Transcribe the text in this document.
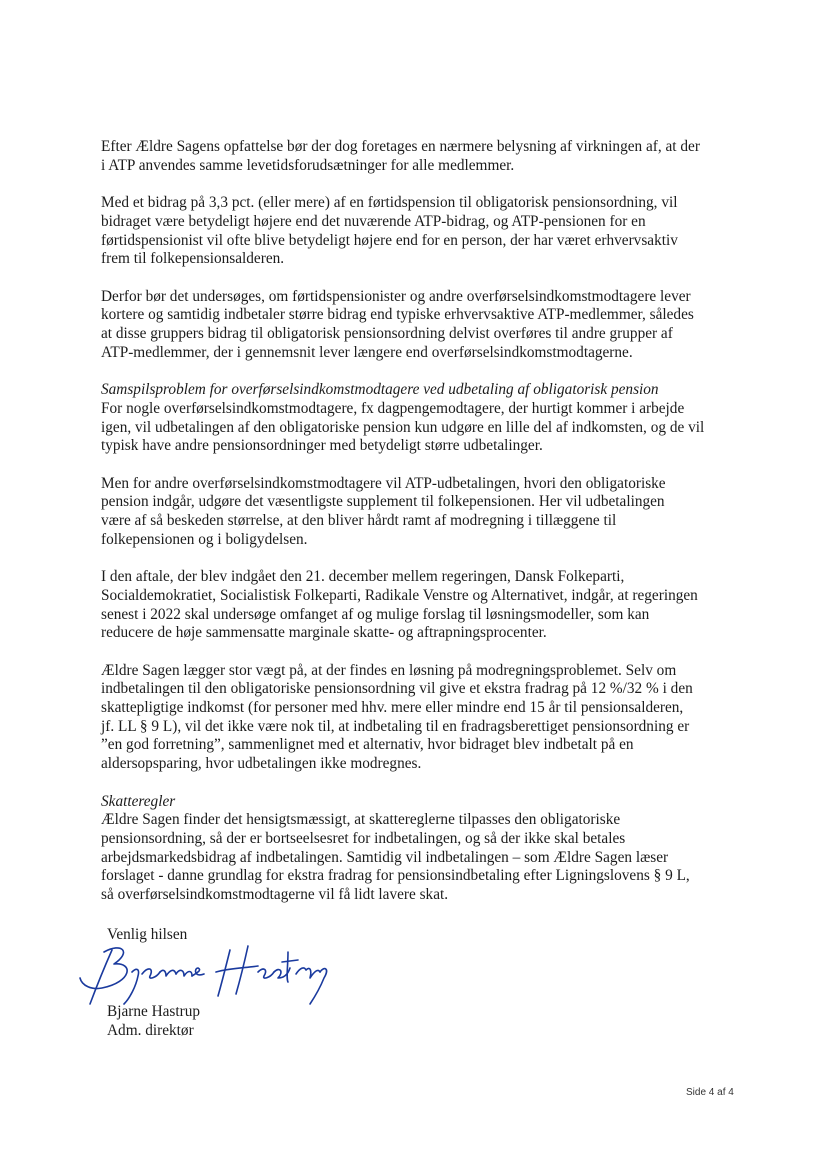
Efter Ældre Sagens opfattelse bør der dog foretages en nærmere belysning af virkningen af, at der
i ATP anvendes samme levetidsforudsætninger for alle medlemmer.

Med et bidrag på 3,3 pct. (eller mere) af en førtidspension til obligatorisk pensionsordning, vil
bidraget være betydeligt højere end det nuværende ATP-bidrag, og ATP-pensionen for en
førtidspensionist vil ofte blive betydeligt højere end for en person, der har været erhvervsaktiv
frem til folkepensionsalderen.

Derfor bør det undersøges, om førtidspensionister og andre overførselsindkomstmodtagere lever
kortere og samtidig indbetaler større bidrag end typiske erhvervsaktive ATP-medlemmer, således
at disse gruppers bidrag til obligatorisk pensionsordning delvist overføres til andre grupper af
ATP-medlemmer, der i gennemsnit lever længere end overførselsindkomstmodtagerne.

Samspilsproblem for overførselsindkomstmodtagere ved udbetaling af obligatorisk pension
For nogle overførselsindkomstmodtagere, fx dagpengemodtagere, der hurtigt kommer i arbejde
igen, vil udbetalingen af den obligatoriske pension kun udgøre en lille del af indkomsten, og de vil
typisk have andre pensionsordninger med betydeligt større udbetalinger.

Men for andre overførselsindkomstmodtagere vil ATP-udbetalingen, hvori den obligatoriske
pension indgår, udgøre det væsentligste supplement til folkepensionen. Her vil udbetalingen
være af så beskeden størrelse, at den bliver hårdt ramt af modregning i tillæggene til
folkepensionen og i boligydelsen.

I den aftale, der blev indgået den 21. december mellem regeringen, Dansk Folkeparti,
Socialdemokratiet, Socialistisk Folkeparti, Radikale Venstre og Alternativet, indgår, at regeringen
senest i 2022 skal undersøge omfanget af og mulige forslag til løsningsmodeller, som kan
reducere de høje sammensatte marginale skatte- og aftrapningsprocenter.

Ældre Sagen lægger stor vægt på, at der findes en løsning på modregningsproblemet. Selv om
indbetalingen til den obligatoriske pensionsordning vil give et ekstra fradrag på 12 %/32 % i den
skattepligtige indkomst (for personer med hhv. mere eller mindre end 15 år til pensionsalderen,
jf. LL § 9 L), vil det ikke være nok til, at indbetaling til en fradragsberettiget pensionsordning er
”en god forretning”, sammenlignet med et alternativ, hvor bidraget blev indbetalt på en
aldersopsparing, hvor udbetalingen ikke modregnes.

Skatteregler
Ældre Sagen finder det hensigtsmæssigt, at skattereglerne tilpasses den obligatoriske
pensionsordning, så der er bortseelsesret for indbetalingen, og så der ikke skal betales
arbejdsmarkedsbidrag af indbetalingen. Samtidig vil indbetalingen – som Ældre Sagen læser
forslaget - danne grundlag for ekstra fradrag for pensionsindbetaling efter Ligningslovens § 9 L,
så overførselsindkomstmodtagerne vil få lidt lavere skat.

Venlig hilsen
Bjarne Hastrup
Adm. direktør
Side 4 af 4
